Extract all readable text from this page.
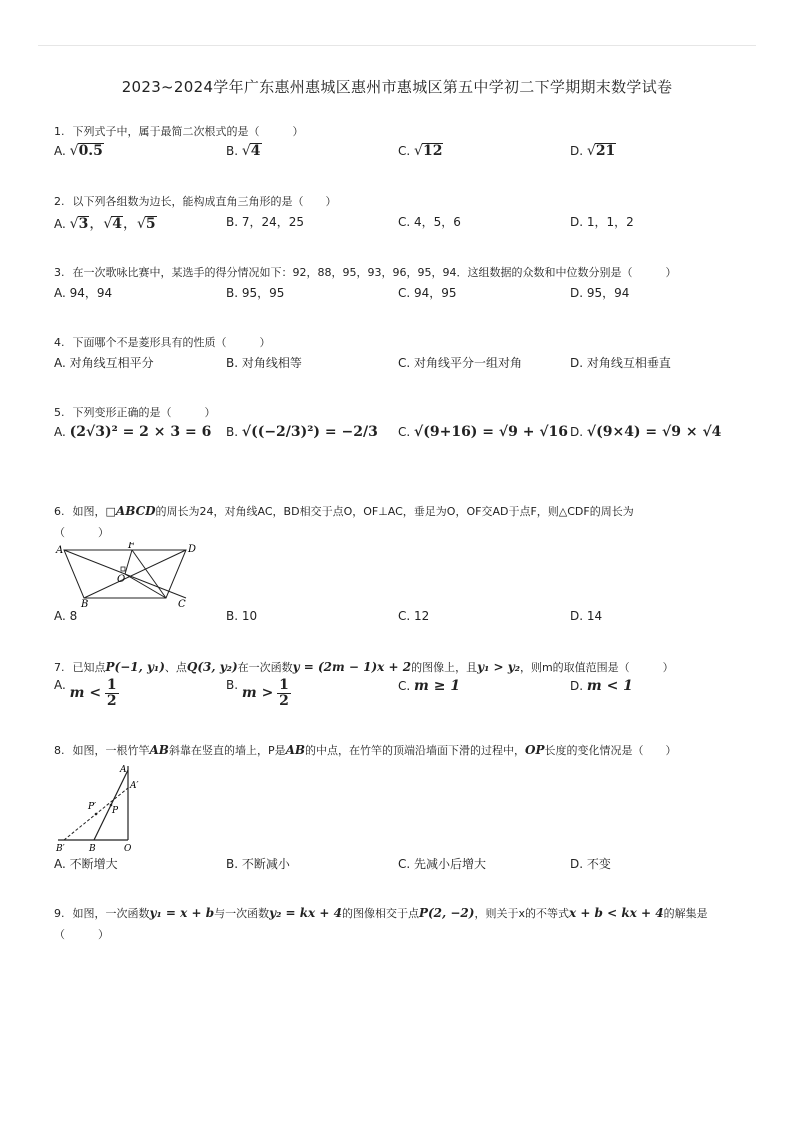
2023~2024学年广东惠州惠城区惠州市惠城区第五中学初二下学期期末数学试卷
1. 下列式子中，属于最简二次根式的是（　　　）
A. √0.5	B. √4	C. √12	D. √21
2. 以下列各组数为边长，能构成直角三角形的是（　　）
A. √3，√4，√5	B. 7，24，25	C. 4，5，6	D. 1，1，2
3. 在一次歌咏比赛中，某选手的得分情况如下：92，88，95，93，96，95，94．这组数据的众数和中位数分别是（　　　）
A. 94，94	B. 95，95	C. 94，95	D. 95，94
4. 下面哪个不是菱形具有的性质（　　　）
A. 对角线互相平分	B. 对角线相等	C. 对角线平分一组对角	D. 对角线互相垂直
5. 下列变形正确的是（　　　）
A. (2√3)² = 2 × 3 = 6 B. √((−2/3)²) = −2/3 C. √(9+16) = √9 + √16 D. √(9×4) = √9 × √4
6. 如图，□ABCD的周长为24，对角线AC，BD相交于点O，OF⊥AC，垂足为O，OF交AD于点F，则△CDF的周长为
（　　　）
A	F	D
O
B	C
A. 8	B. 10	C. 12	D. 14
7. 已知点P(−1, y₁)、点Q(3, y₂)在一次函数y = (2m − 1)x + 2的图像上，且y₁ > y₂，则m的取值范围是（　　　）
A. $m < \frac{1}{2}$	B. $m > \frac{1}{2}$	C. m ≥ 1	D. m < 1
8. 如图，一根竹竿AB斜靠在竖直的墙上，P是AB的中点，在竹竿的顶端沿墙面下滑的过程中，OP长度的变化情况是（　　）
A
A′
P
P′
B′	B	O
A. 不断增大	B. 不断减小	C. 先减小后增大	D. 不变
9. 如图，一次函数y₁ = x + b与一次函数y₂ = kx + 4的图像相交于点P(2, −2)，则关于x的不等式x + b < kx + 4的解集是
（　　　）
